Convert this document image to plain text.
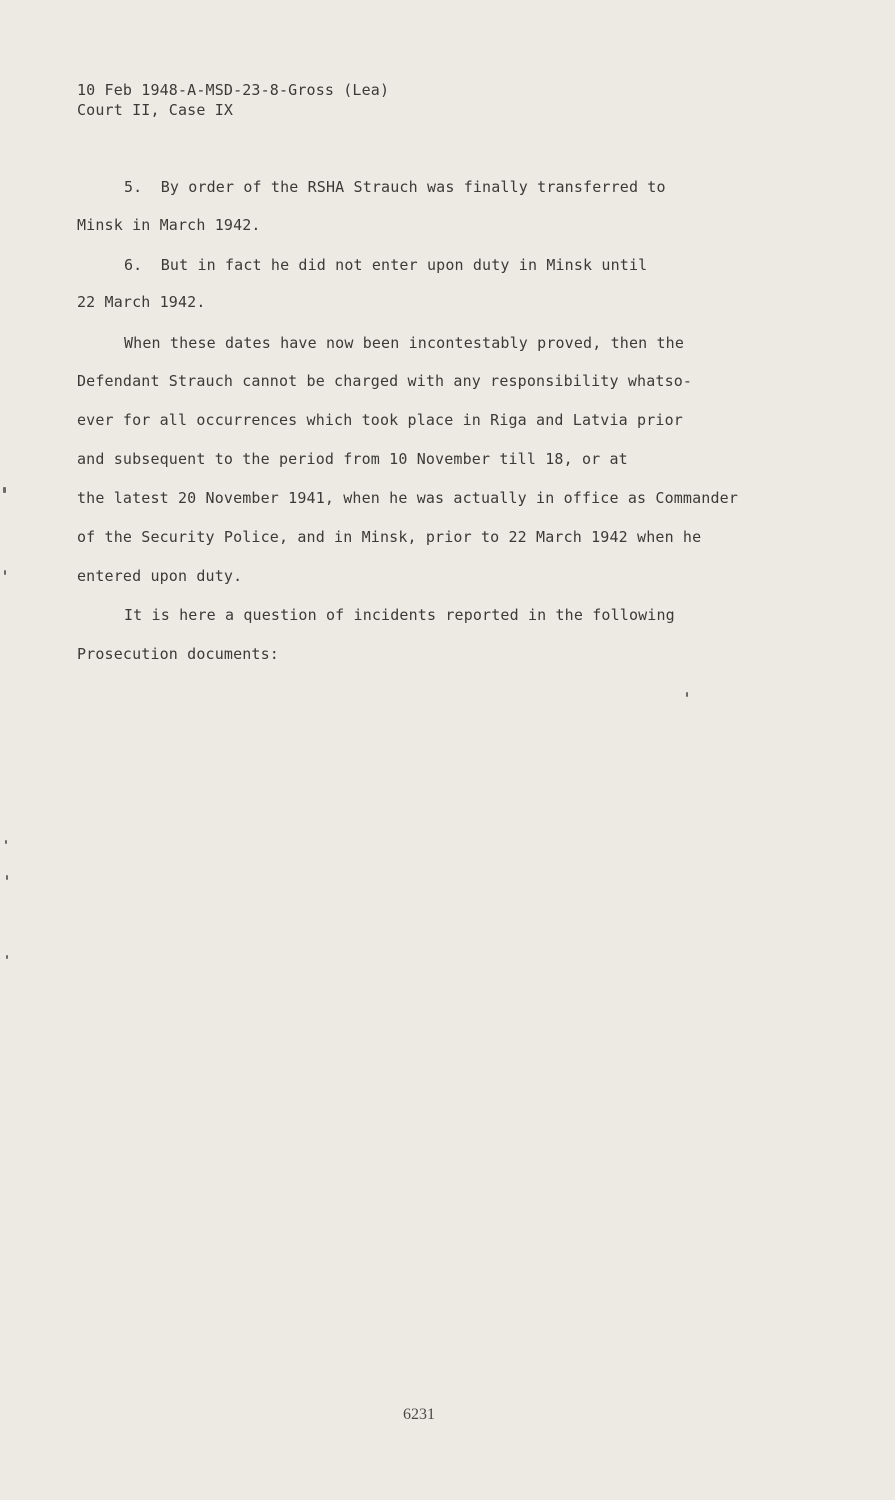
10 Feb 1948-A-MSD-23-8-Gross (Lea)
Court II, Case IX
5.  By order of the RSHA Strauch was finally transferred to
Minsk in March 1942.
6.  But in fact he did not enter upon duty in Minsk until
22 March 1942.
When these dates have now been incontestably proved, then the
Defendant Strauch cannot be charged with any responsibility whatso-
ever for all occurrences which took place in Riga and Latvia prior
and subsequent to the period from 10 November till 18, or at
the latest 20 November 1941, when he was actually in office as Commander
of the Security Police, and in Minsk, prior to 22 March 1942 when he
entered upon duty.
It is here a question of incidents reported in the following
Prosecution documents:
6231
